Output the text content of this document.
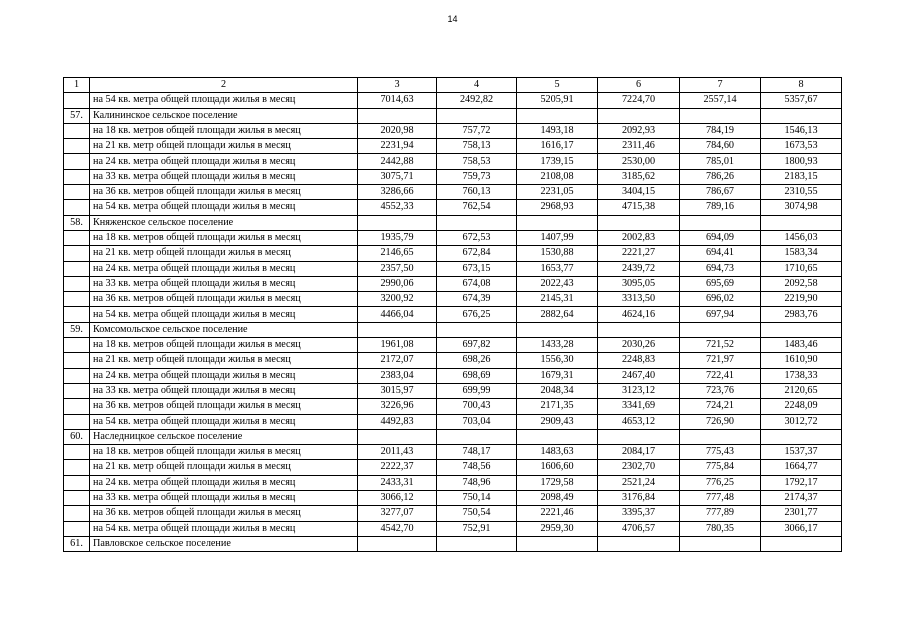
14
1	2	3	4	5	6	7	8
	на 54 кв. метра общей площади жилья в месяц	7014,63	2492,82	5205,91	7224,70	2557,14	5357,67
57.	Калининское сельское поселение						
	на 18 кв. метров общей площади жилья в месяц	2020,98	757,72	1493,18	2092,93	784,19	1546,13
	на 21 кв. метр общей площади жилья в месяц	2231,94	758,13	1616,17	2311,46	784,60	1673,53
	на 24 кв. метра общей площади жилья в месяц	2442,88	758,53	1739,15	2530,00	785,01	1800,93
	на 33 кв. метра общей площади жилья в месяц	3075,71	759,73	2108,08	3185,62	786,26	2183,15
	на 36 кв. метров общей площади жилья в месяц	3286,66	760,13	2231,05	3404,15	786,67	2310,55
	на 54 кв. метра общей площади жилья в месяц	4552,33	762,54	2968,93	4715,38	789,16	3074,98
58.	Княженское сельское поселение						
	на 18 кв. метров общей площади жилья в месяц	1935,79	672,53	1407,99	2002,83	694,09	1456,03
	на 21 кв. метр общей площади жилья в месяц	2146,65	672,84	1530,88	2221,27	694,41	1583,34
	на 24 кв. метра общей площади жилья в месяц	2357,50	673,15	1653,77	2439,72	694,73	1710,65
	на 33 кв. метра общей площади жилья в месяц	2990,06	674,08	2022,43	3095,05	695,69	2092,58
	на 36 кв. метров общей площади жилья в месяц	3200,92	674,39	2145,31	3313,50	696,02	2219,90
	на 54 кв. метра общей площади жилья в месяц	4466,04	676,25	2882,64	4624,16	697,94	2983,76
59.	Комсомольское сельское поселение						
	на 18 кв. метров общей площади жилья в месяц	1961,08	697,82	1433,28	2030,26	721,52	1483,46
	на 21 кв. метр общей площади жилья в месяц	2172,07	698,26	1556,30	2248,83	721,97	1610,90
	на 24 кв. метра общей площади жилья в месяц	2383,04	698,69	1679,31	2467,40	722,41	1738,33
	на 33 кв. метра общей площади жилья в месяц	3015,97	699,99	2048,34	3123,12	723,76	2120,65
	на 36 кв. метров общей площади жилья в месяц	3226,96	700,43	2171,35	3341,69	724,21	2248,09
	на 54 кв. метра общей площади жилья в месяц	4492,83	703,04	2909,43	4653,12	726,90	3012,72
60.	Наследницкое сельское поселение						
	на 18 кв. метров общей площади жилья в месяц	2011,43	748,17	1483,63	2084,17	775,43	1537,37
	на 21 кв. метр общей площади жилья в месяц	2222,37	748,56	1606,60	2302,70	775,84	1664,77
	на 24 кв. метра общей площади жилья в месяц	2433,31	748,96	1729,58	2521,24	776,25	1792,17
	на 33 кв. метра общей площади жилья в месяц	3066,12	750,14	2098,49	3176,84	777,48	2174,37
	на 36 кв. метров общей площади жилья в месяц	3277,07	750,54	2221,46	3395,37	777,89	2301,77
	на 54 кв. метра общей площади жилья в месяц	4542,70	752,91	2959,30	4706,57	780,35	3066,17
61.	Павловское сельское поселение						
